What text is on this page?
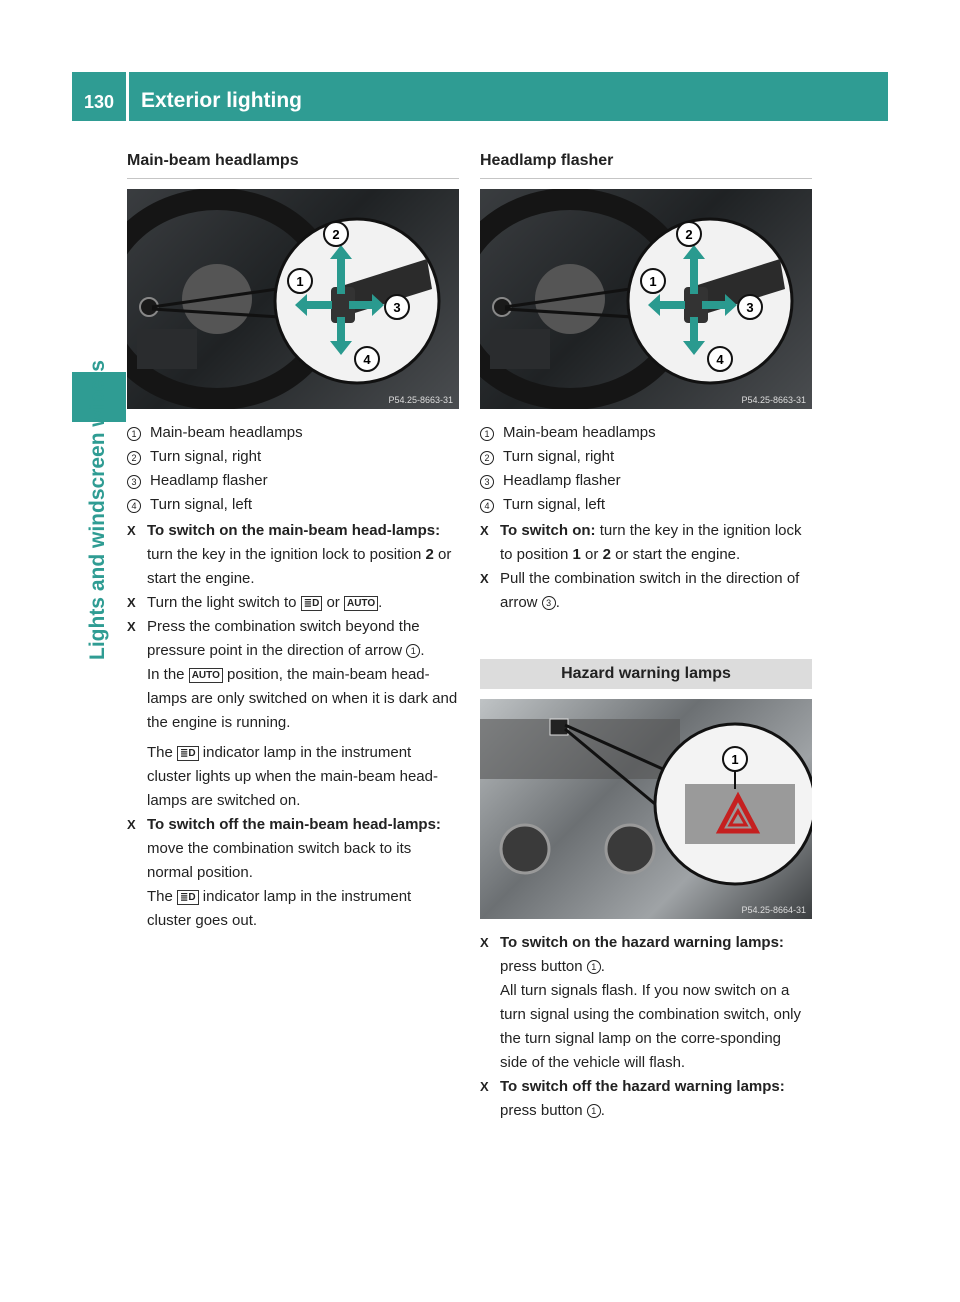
130	Exterior lighting
Lights and windscreen wipers
Main-beam headlamps
2
1
3
4
P54.25-8663-31
1 Main-beam headlamps
2 Turn signal, right
3 Headlamp flasher
4 Turn signal, left
X To switch on the main-beam head-lamps: turn the key in the ignition lock to position 2 or start the engine.
X Turn the light switch to ≣D or AUTO .
X Press the combination switch beyond the pressure point in the direction of arrow 1 .
In the AUTO position, the main-beam head-lamps are only switched on when it is dark and the engine is running.
The ≣D indicator lamp in the instrument cluster lights up when the main-beam head-lamps are switched on.
X To switch off the main-beam head-lamps: move the combination switch back to its normal position.
The ≣D indicator lamp in the instrument cluster goes out.
Headlamp flasher
2
1
3
4
P54.25-8663-31
1 Main-beam headlamps
2 Turn signal, right
3 Headlamp flasher
4 Turn signal, left
X To switch on: turn the key in the ignition lock to position 1 or 2 or start the engine.
X Pull the combination switch in the direction of arrow 3 .
Hazard warning lamps
1
P54.25-8664-31
X To switch on the hazard warning lamps: press button 1 .
All turn signals flash. If you now switch on a turn signal using the combination switch, only the turn signal lamp on the corre-sponding side of the vehicle will flash.
X To switch off the hazard warning lamps: press button 1 .
